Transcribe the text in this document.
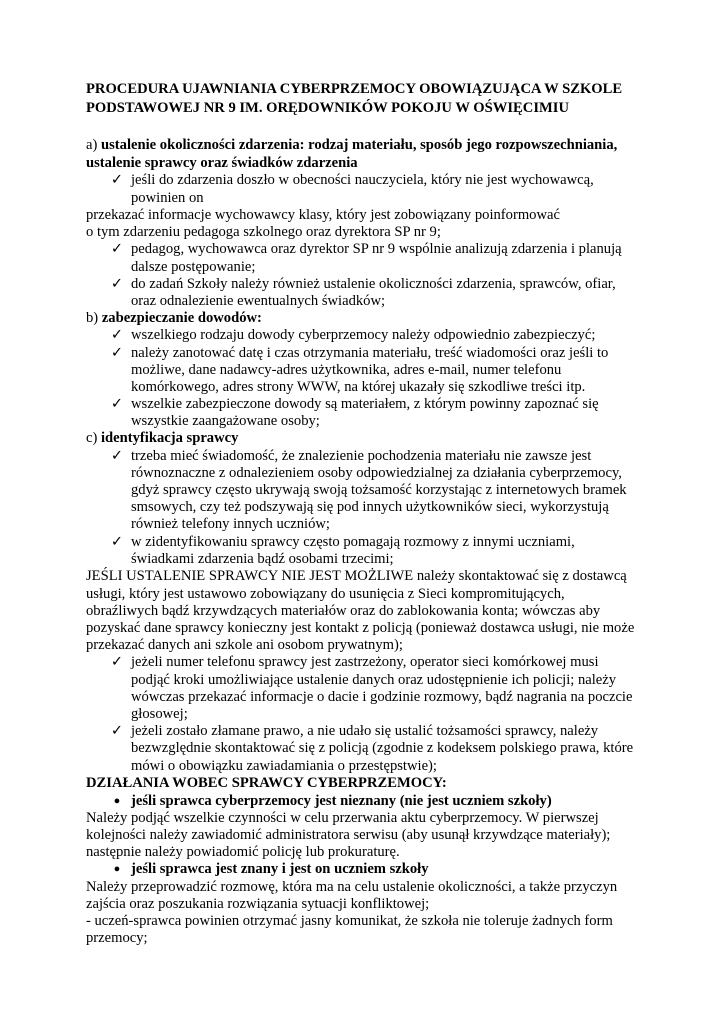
PROCEDURA UJAWNIANIA CYBERPRZEMOCY OBOWIĄZUJĄCA W SZKOLE
PODSTAWOWEJ NR 9 IM. ORĘDOWNIKÓW POKOJU W OŚWIĘCIMIU
a) ustalenie okoliczności zdarzenia: rodzaj materiału, sposób jego rozpowszechniania,
ustalenie sprawcy oraz świadków zdarzenia
✓ jeśli do zdarzenia doszło w obecności nauczyciela, który nie jest wychowawcą,
powinien on
przekazać informacje wychowawcy klasy, który jest zobowiązany poinformować
o tym zdarzeniu pedagoga szkolnego oraz dyrektora SP nr 9;
✓ pedagog, wychowawca oraz dyrektor SP nr 9 wspólnie analizują zdarzenia i planują
dalsze postępowanie;
✓ do zadań Szkoły należy również ustalenie okoliczności zdarzenia, sprawców, ofiar,
oraz odnalezienie ewentualnych świadków;
b) zabezpieczanie dowodów:
✓ wszelkiego rodzaju dowody cyberprzemocy należy odpowiednio zabezpieczyć;
✓ należy zanotować datę i czas otrzymania materiału, treść wiadomości oraz jeśli to
możliwe, dane nadawcy-adres użytkownika, adres e-mail, numer telefonu
komórkowego, adres strony WWW, na której ukazały się szkodliwe treści itp.
✓ wszelkie zabezpieczone dowody są materiałem, z którym powinny zapoznać się
wszystkie zaangażowane osoby;
c) identyfikacja sprawcy
✓ trzeba mieć świadomość, że znalezienie pochodzenia materiału nie zawsze jest
równoznaczne z odnalezieniem osoby odpowiedzialnej za działania cyberprzemocy,
gdyż sprawcy często ukrywają swoją tożsamość korzystając z internetowych bramek
smsowych, czy też podszywają się pod innych użytkowników sieci, wykorzystują
również telefony innych uczniów;
✓ w zidentyfikowaniu sprawcy często pomagają rozmowy z innymi uczniami,
świadkami zdarzenia bądź osobami trzecimi;
JEŚLI USTALENIE SPRAWCY NIE JEST MOŻLIWE należy skontaktować się z dostawcą
usługi, który jest ustawowo zobowiązany do usunięcia z Sieci kompromitujących,
obraźliwych bądź krzywdzących materiałów oraz do zablokowania konta; wówczas aby
pozyskać dane sprawcy konieczny jest kontakt z policją (ponieważ dostawca usługi, nie może
przekazać danych ani szkole ani osobom prywatnym);
✓ jeżeli numer telefonu sprawcy jest zastrzeżony, operator sieci komórkowej musi
podjąć kroki umożliwiające ustalenie danych oraz udostępnienie ich policji; należy
wówczas przekazać informacje o dacie i godzinie rozmowy, bądź nagrania na poczcie
głosowej;
✓ jeżeli zostało złamane prawo, a nie udało się ustalić tożsamości sprawcy, należy
bezwzględnie skontaktować się z policją (zgodnie z kodeksem polskiego prawa, które
mówi o obowiązku zawiadamiania o przestępstwie);
DZIAŁANIA WOBEC SPRAWCY CYBERPRZEMOCY:
● jeśli sprawca cyberprzemocy jest nieznany (nie jest uczniem szkoły)
Należy podjąć wszelkie czynności w celu przerwania aktu cyberprzemocy. W pierwszej
kolejności należy zawiadomić administratora serwisu (aby usunął krzywdzące materiały);
następnie należy powiadomić policję lub prokuraturę.
● jeśli sprawca jest znany i jest on uczniem szkoły
Należy przeprowadzić rozmowę, która ma na celu ustalenie okoliczności, a także przyczyn
zajścia oraz poszukania rozwiązania sytuacji konfliktowej;
- uczeń-sprawca powinien otrzymać jasny komunikat, że szkoła nie toleruje żadnych form
przemocy;
